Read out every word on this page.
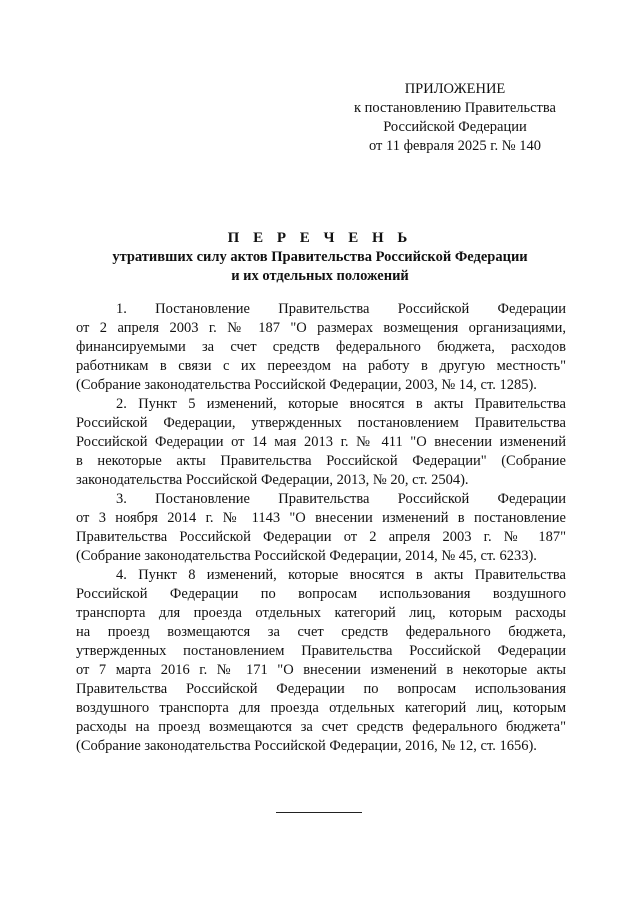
ПРИЛОЖЕНИЕ
к постановлению Правительства
Российской Федерации
от 11 февраля 2025 г. № 140
П Е Р Е Ч Е Н Ь
утративших силу актов Правительства Российской Федерации
и их отдельных положений
1. Постановление Правительства Российской Федерации
от 2 апреля 2003 г. № 187 "О размерах возмещения организациями,
финансируемыми за счет средств федерального бюджета, расходов
работникам в связи с их переездом на работу в другую местность"
(Собрание законодательства Российской Федерации, 2003, № 14, ст. 1285).
2. Пункт 5 изменений, которые вносятся в акты Правительства
Российской Федерации, утвержденных постановлением Правительства
Российской Федерации от 14 мая 2013 г. № 411 "О внесении изменений
в некоторые акты Правительства Российской Федерации" (Собрание
законодательства Российской Федерации, 2013, № 20, ст. 2504).
3. Постановление Правительства Российской Федерации
от 3 ноября 2014 г. № 1143 "О внесении изменений в постановление
Правительства Российской Федерации от 2 апреля 2003 г. № 187"
(Собрание законодательства Российской Федерации, 2014, № 45, ст. 6233).
4. Пункт 8 изменений, которые вносятся в акты Правительства
Российской Федерации по вопросам использования воздушного
транспорта для проезда отдельных категорий лиц, которым расходы
на проезд возмещаются за счет средств федерального бюджета,
утвержденных постановлением Правительства Российской Федерации
от 7 марта 2016 г. № 171 "О внесении изменений в некоторые акты
Правительства Российской Федерации по вопросам использования
воздушного транспорта для проезда отдельных категорий лиц, которым
расходы на проезд возмещаются за счет средств федерального бюджета"
(Собрание законодательства Российской Федерации, 2016, № 12, ст. 1656).
